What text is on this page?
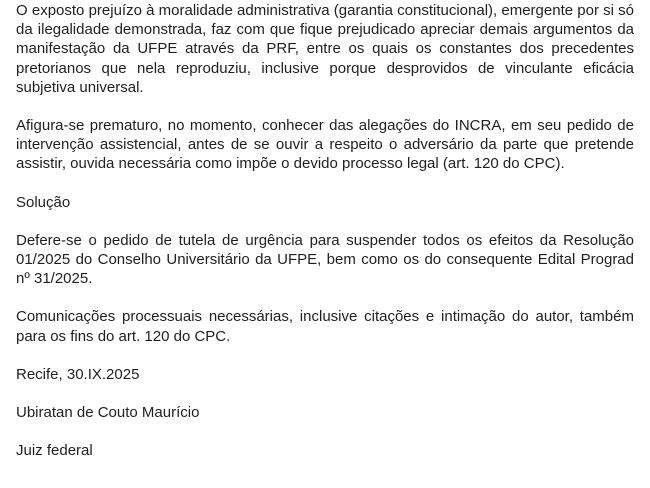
O exposto prejuízo à moralidade administrativa (garantia constitucional), emergente por si só da ilegalidade demonstrada, faz com que fique prejudicado apreciar demais argumentos da manifestação da UFPE através da PRF, entre os quais os constantes dos precedentes pretorianos que nela reproduziu, inclusive porque desprovidos de vinculante eficácia subjetiva universal.

Afigura-se prematuro, no momento, conhecer das alegações do INCRA, em seu pedido de intervenção assistencial, antes de se ouvir a respeito o adversário da parte que pretende assistir, ouvida necessária como impõe o devido processo legal (art. 120 do CPC).

Solução

Defere-se o pedido de tutela de urgência para suspender todos os efeitos da Resolução 01/2025 do Conselho Universitário da UFPE, bem como os do consequente Edital Prograd nº 31/2025.

Comunicações processuais necessárias, inclusive citações e intimação do autor, também para os fins do art. 120 do CPC.

Recife, 30.IX.2025

Ubiratan de Couto Maurício

Juiz federal
